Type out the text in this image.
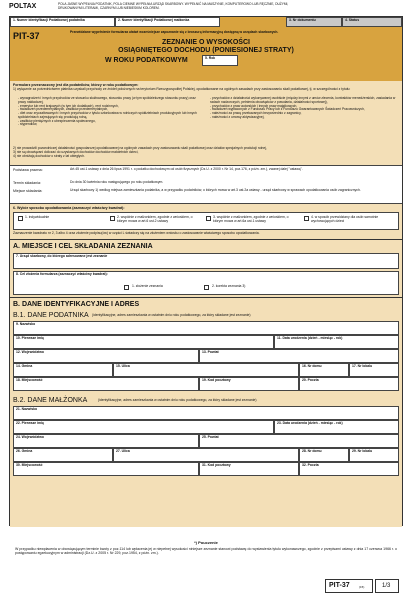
POLTAX	POLA JASNE WYPEŁNIA PODATNIK, POLA CIEMNE WYPEŁNIA URZĄD SKARBOWY. WYPEŁNIĆ NA MASZYNIE, KOMPUTEROWO LUB RĘCZNIE, DUŻYMI,
DRUKOWANYMI LITERAMI, CZARNYM LUB NIEBIESKIM KOLOREM.
1. Numer identyfikacji Podatkowej podatnika	2. Numer identyfikacji Podatkowej małżonka	3. Nr dokumentu	4. Status
PIT-37	Przewidziane wypełnienie formularza ułatwi wcześniejsze zapoznanie się z broszurą informacyjną dostępną w urzędach skarbowych.
ZEZNANIE O WYSOKOŚCI
OSIĄGNIĘTEGO DOCHODU (PONIESIONEJ STRATY)
W ROKU PODATKOWYM	5. Rok
Formularz przeznaczony jest dla podatników, którzy w roku podatkowym:
1) wyłącznie za pośrednictwem płatnika uzyskali przychody ze źródeł położonych na terytorium Rzeczypospolitej Polskiej, opodatkowane na ogólnych zasadach przy zastosowaniu skali podatkowej, tj. w szczególności z tytułu:
- wynagrodzeń i innych przychodów ze stosunku służbowego, stosunku pracy (w tym spółdzielczego stosunku pracy) oraz pracy nakładczej,
- emerytur lub rent krajowych (w tym ich dodatkach), rent rodzinnych,
- świadczeń przedemerytalnych, zasiłków przedemerytalnych,
- diet oraz zryczałtowanych i innych przychodów z tytułu członkostwa w rolniczych spółdzielniach produkcyjnych lub innych spółdzielniach zajmujących się produkcją rolną,
- zasiłków pieniężnych z ubezpieczenia społecznego,
- stypendiów,
- przychodów z działalności wykonywanej osobiście (między innymi z umów zlecenia, kontraktów menedżerskich, zasiadania w radach nadzorczych, pełnienia obowiązków z powołania, działalności sportowej),
- przychodów z praw autorskich i innych praw majątkowych,
- świadczeń wypłaconych z Funduszu Pracy lub z Funduszu Gwarantowanych Świadczeń Pracowniczych,
- należności za pracę przekazanych bezpośrednio z zagranicy,
- należności z umowy aktywizacyjnej,
2) nie prowadzili pozarolniczej działalności gospodarczej opodatkowanej na ogólnych zasadach przy zastosowaniu skali podatkowej oraz działów specjalnych produkcji rolnej,
3) nie są obowiązani doliczać do uzyskanych dochodów dochodów małoletnich dzieci,
4) nie obniżają dochodów o straty z lat ubiegłych.
Podstawa prawna:	Art.45 ust.1 ustawy z dnia 26 lipca 1991 r. o podatku dochodowym od osób fizycznych (Dz.U. z 2000 r. Nr 14, poz.176, z późn. zm.), zwanej dalej "ustawą".
Termin składania:	Do dnia 30 kwietnia roku następującego po roku podatkowym.
Miejsce składania:	Urząd skarbowy 1) według miejsca zamieszkania podatnika, a w przypadku podatników, o których mowa w art.3 ust.2a ustawy - urząd skarbowy w sprawach opodatkowania osób zagranicznych.
6. Wybór sposobu opodatkowania (zaznaczyć właściwy kwadrat):
1. indywidualnie	2. wspólnie z małżonkiem, zgodnie z wnioskiem, o którym mowa w art.6 ust.2 ustawy
3. wspólnie z małżonkiem, zgodnie z wnioskiem, o którym mowa w art.6a ust.1 ustawy
4. w sposób przewidziany dla osób samotnie wychowujących dzieci
Zaznaczenie kwadratu nr 2, 3 albo 4 oraz złożenie podpisu(ów) w części L świadczy się na złożeniem wniosku o zastosowanie właściwego sposobu opodatkowania.
A. MIEJSCE I CEL SKŁADANIA ZEZNANIA
7. Urząd skarbowy, do którego adresowane jest zeznanie
8. Cel złożenia formularza (zaznaczyć właściwy kwadrat):
1. złożenie zeznania	2. korekta zeznania 3)
B. DANE IDENTYFIKACYJNE I ADRES
B.1. DANE PODATNIKA (identyfikacyjne, adres zamieszkania w ostatnim dniu roku podatkowego, za który składane jest zeznanie)
9. Nazwisko
10. Pierwsze imię	11. Data urodzenia (dzień - miesiąc - rok)
12. Województwo	13. Powiat
14. Gmina	15. Ulica	16. Nr domu	17. Nr lokalu
18. Miejscowość	19. Kod pocztowy	20. Poczta
B.2. DANE MAŁŻONKA	(identyfikacyjne, adres zamieszkania w ostatnim dniu roku podatkowego, za który składane jest zeznanie)
21. Nazwisko
22. Pierwsze imię	23. Data urodzenia (dzień - miesiąc - rok)
24. Województwo	25. Powiat
26. Gmina	27. Ulica	28. Nr domu	29. Nr lokalu
30. Miejscowość	31. Kod pocztowy	32. Poczta
*) Pouczenie
W przypadku niewpłacenia w obowiązującym terminie kwoty z poz.114 lub wpłacenia jej w niepełnej wysokości niniejsze zeznanie stanowi podstawę do wystawienia tytułu wykonawczego, zgodnie z przepisami ustawy z dnia 17 czerwca 1966 r. o postępowaniu egzekucyjnym w administracji (Dz.U. z 2005 r. Nr 229, poz.1954, z późn. zm.).
PIT-37	(15)	1/3
